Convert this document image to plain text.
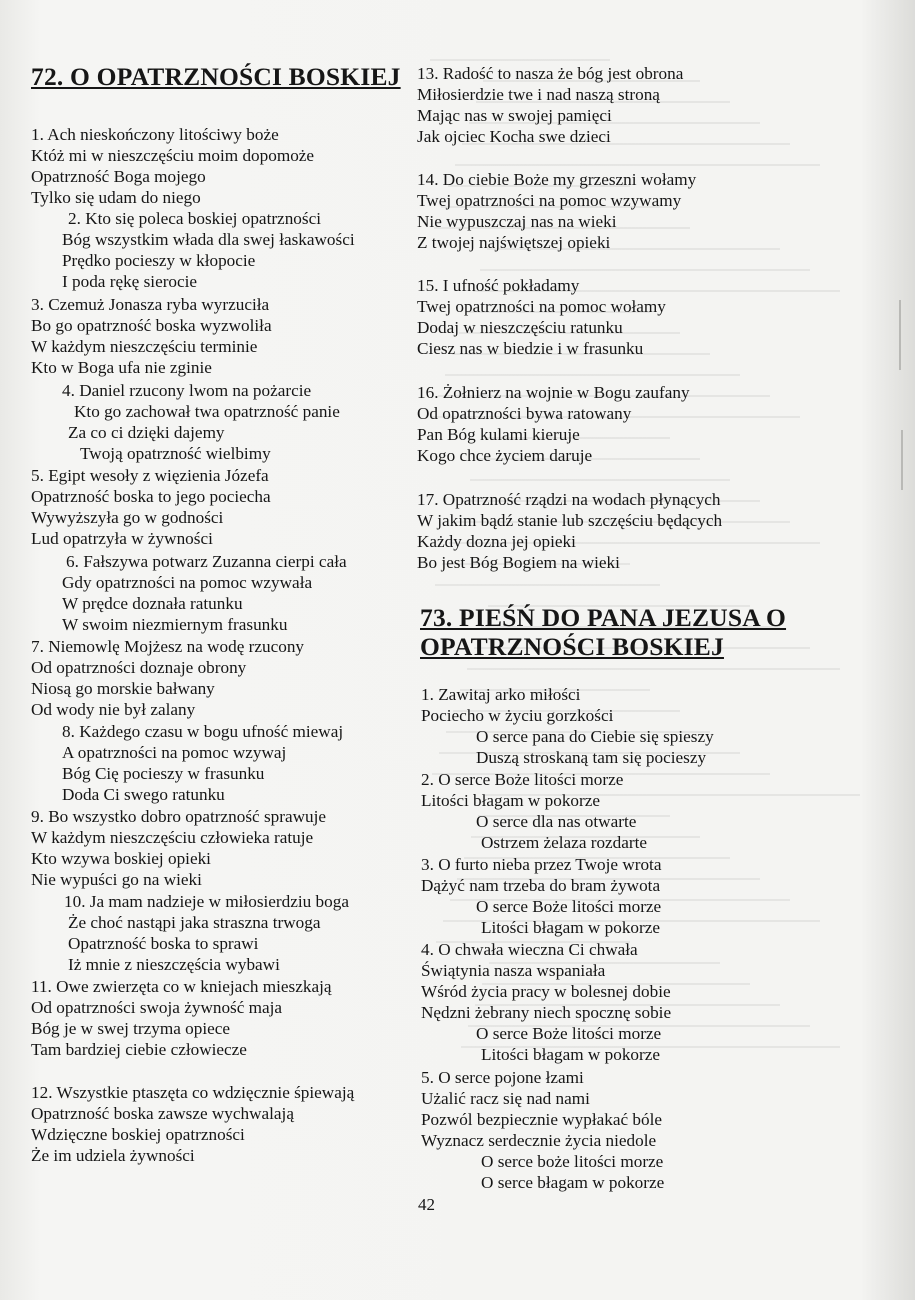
72. O OPATRZNOŚCI BOSKIEJ
1. Ach nieskończony litościwy boże
Któż mi w nieszczęściu moim dopomoże
Opatrzność Boga mojego
Tylko się udam do niego
2. Kto się poleca boskiej opatrzności
Bóg wszystkim włada dla swej łaskawości
Prędko pocieszy w kłopocie
I poda rękę sierocie
3. Czemuż Jonasza ryba wyrzuciła
Bo go opatrzność boska wyzwoliła
W każdym nieszczęściu terminie
Kto w Boga ufa nie zginie
4. Daniel rzucony lwom na pożarcie
Kto go zachował twa opatrzność panie
Za co ci dzięki dajemy
Twoją opatrzność wielbimy
5. Egipt wesoły z więzienia Józefa
Opatrzność boska to jego pociecha
Wywyższyła go w godności
Lud opatrzyła w żywności
6. Fałszywa potwarz Zuzanna cierpi cała
Gdy opatrzności na pomoc wzywała
W prędce doznała ratunku
W swoim niezmiernym frasunku
7. Niemowlę Mojżesz na wodę rzucony
Od opatrzności doznaje obrony
Niosą go morskie bałwany
Od wody nie był zalany
8. Każdego czasu w bogu ufność miewaj
A opatrzności na pomoc wzywaj
Bóg Cię pocieszy w frasunku
Doda Ci swego ratunku
9. Bo wszystko dobro opatrzność sprawuje
W każdym nieszczęściu człowieka ratuje
Kto wzywa boskiej opieki
Nie wypuści go na wieki
10. Ja mam nadzieje w miłosierdziu boga
Że choć nastąpi jaka straszna trwoga
Opatrzność boska to sprawi
Iż mnie z nieszczęścia wybawi
11. Owe zwierzęta co w kniejach mieszkają
Od opatrzności swoja żywność maja
Bóg je w swej trzyma opiece
Tam bardziej ciebie człowiecze
12. Wszystkie ptaszęta co wdzięcznie śpiewają
Opatrzność boska zawsze wychwalają
Wdzięczne boskiej opatrzności
Że im udziela żywności
13. Radość to nasza że bóg jest obrona
Miłosierdzie twe i nad naszą stroną
Mając nas w swojej pamięci
Jak ojciec Kocha swe dzieci
14. Do ciebie Boże my grzeszni wołamy
Twej opatrzności na pomoc wzywamy
Nie wypuszczaj nas na wieki
Z twojej najświętszej opieki
15. I ufność pokładamy
Twej opatrzności na pomoc wołamy
Dodaj w nieszczęściu ratunku
Ciesz nas w biedzie i w frasunku
16. Żołnierz na wojnie w Bogu zaufany
Od opatrzności bywa ratowany
Pan Bóg kulami kieruje
Kogo chce życiem daruje
17. Opatrzność rządzi na wodach płynących
W jakim bądź stanie lub szczęściu będących
Każdy dozna jej opieki
Bo jest Bóg Bogiem na wieki
73. PIEŚŃ DO PANA JEZUSA O
OPATRZNOŚCI BOSKIEJ
1. Zawitaj arko miłości
Pociecho w życiu gorzkości
O serce pana do Ciebie się spieszy
Duszą stroskaną tam się pocieszy
2. O serce Boże litości morze
Litości błagam w pokorze
O serce dla nas otwarte
Ostrzem żelaza rozdarte
3. O furto nieba przez Twoje wrota
Dążyć nam trzeba do bram żywota
O serce Boże litości morze
Litości błagam w pokorze
4. O chwała wieczna Ci chwała
Świątynia nasza wspaniała
Wśród życia pracy w bolesnej dobie
Nędzni żebrany niech spocznę sobie
O serce Boże litości morze
Litości błagam w pokorze
5. O serce pojone łzami
Użalić racz się nad nami
Pozwól bezpiecznie wypłakać bóle
Wyznacz serdecznie życia niedole
O serce boże litości morze
O serce błagam w pokorze
42
